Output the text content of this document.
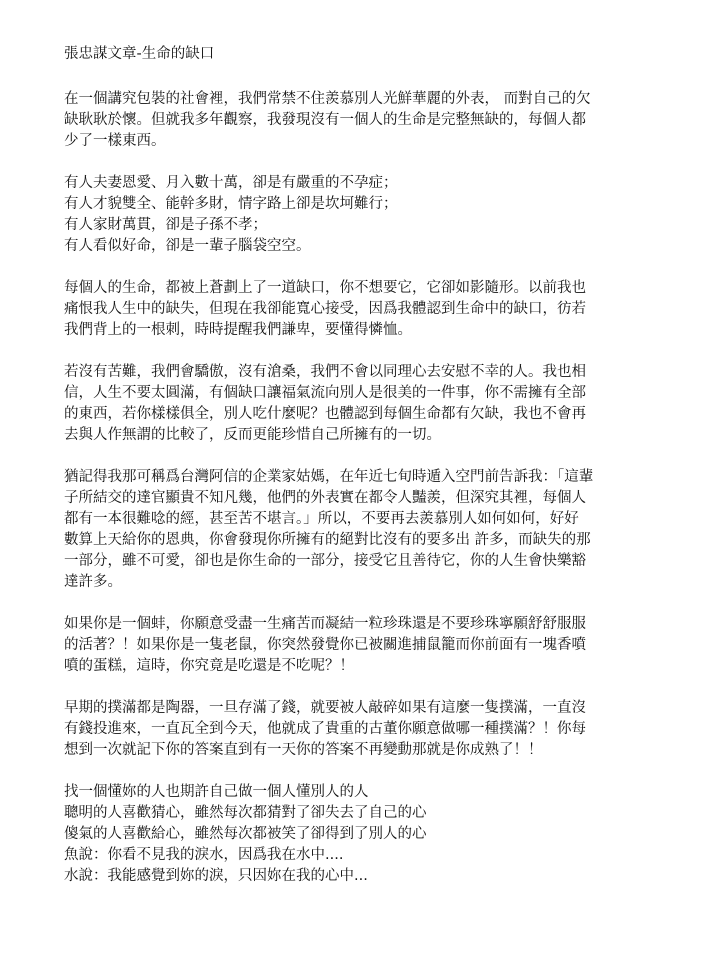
張忠謀文章-生命的缺口
在一個講究包裝的社會裡，我們常禁不住羨慕別人光鮮華麗的外表， 而對自己的欠
缺耿耿於懷。但就我多年觀察，我發現沒有一個人的生命是完整無缺的，每個人都
少了一樣東西。
有人夫妻恩愛、月入數十萬，卻是有嚴重的不孕症；
有人才貌雙全、能幹多財，情字路上卻是坎坷難行；
有人家財萬貫，卻是子孫不孝；
有人看似好命，卻是一輩子腦袋空空。
每個人的生命，都被上蒼劃上了一道缺口，你不想要它，它卻如影隨形。以前我也
痛恨我人生中的缺失，但現在我卻能寬心接受，因爲我體認到生命中的缺口，彷若
我們背上的一根刺，時時提醒我們謙卑，要懂得憐恤。
若沒有苦難，我們會驕傲，沒有滄桑，我們不會以同理心去安慰不幸的人。我也相
信，人生不要太圓滿，有個缺口讓福氣流向別人是很美的一件事，你不需擁有全部
的東西，若你樣樣俱全，別人吃什麼呢？也體認到每個生命都有欠缺，我也不會再
去與人作無謂的比較了，反而更能珍惜自己所擁有的一切。
猶記得我那可稱爲台灣阿信的企業家姑媽，在年近七旬時遁入空門前告訴我：「這輩
子所結交的達官顯貴不知凡幾，他們的外表實在都令人豔羨，但深究其裡，每個人
都有一本很難唸的經，甚至苦不堪言。」所以，不要再去羨慕別人如何如何，好好
數算上天給你的恩典，你會發現你所擁有的絕對比沒有的要多出 許多，而缺失的那
一部分，雖不可愛，卻也是你生命的一部分，接受它且善待它，你的人生會快樂豁
達許多。
如果你是一個蚌，你願意受盡一生痛苦而凝結一粒珍珠還是不要珍珠寧願舒舒服服
的活著？！如果你是一隻老鼠，你突然發覺你已被關進捕鼠籠而你前面有一塊香噴
噴的蛋糕，這時，你究竟是吃還是不吃呢？！
早期的撲滿都是陶器，一旦存滿了錢，就要被人敲碎如果有這麼一隻撲滿，一直沒
有錢投進來，一直瓦全到今天，他就成了貴重的古董你願意做哪一種撲滿？！你每
想到一次就記下你的答案直到有一天你的答案不再變動那就是你成熟了！！
找一個懂妳的人也期許自己做一個人懂別人的人
聰明的人喜歡猜心，雖然每次都猜對了卻失去了自己的心
傻氣的人喜歡給心，雖然每次都被笑了卻得到了別人的心
魚說：你看不見我的淚水，因爲我在水中....
水說：我能感覺到妳的淚，只因妳在我的心中...
